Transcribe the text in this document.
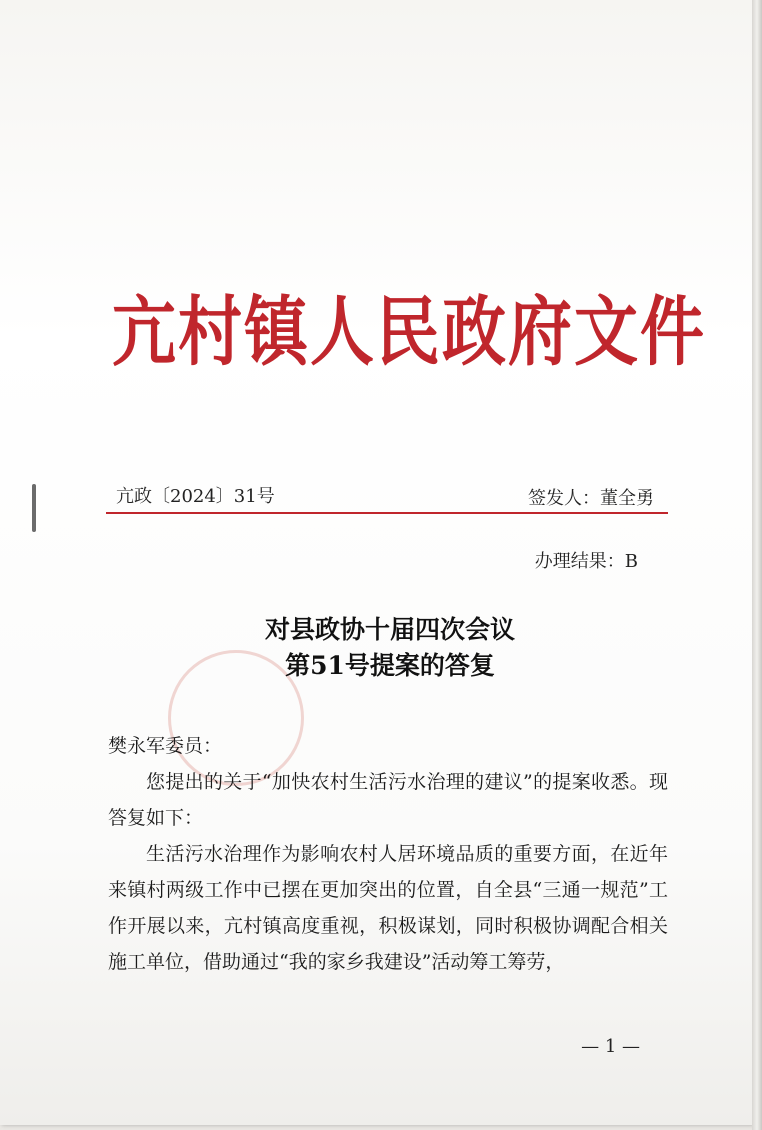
亢村镇人民政府文件
亢政〔2024〕31号	签发人：董全勇
办理结果：B
对县政协十届四次会议
第51号提案的答复

樊永军委员：

您提出的关于“加快农村生活污水治理的建议”的提案收悉。现答复如下：

生活污水治理作为影响农村人居环境品质的重要方面，在近年来镇村两级工作中已摆在更加突出的位置，自全县“三通一规范”工作开展以来，亢村镇高度重视，积极谋划，同时积极协调配合相关施工单位，借助通过“我的家乡我建设”活动筹工筹劳，

— 1 —
